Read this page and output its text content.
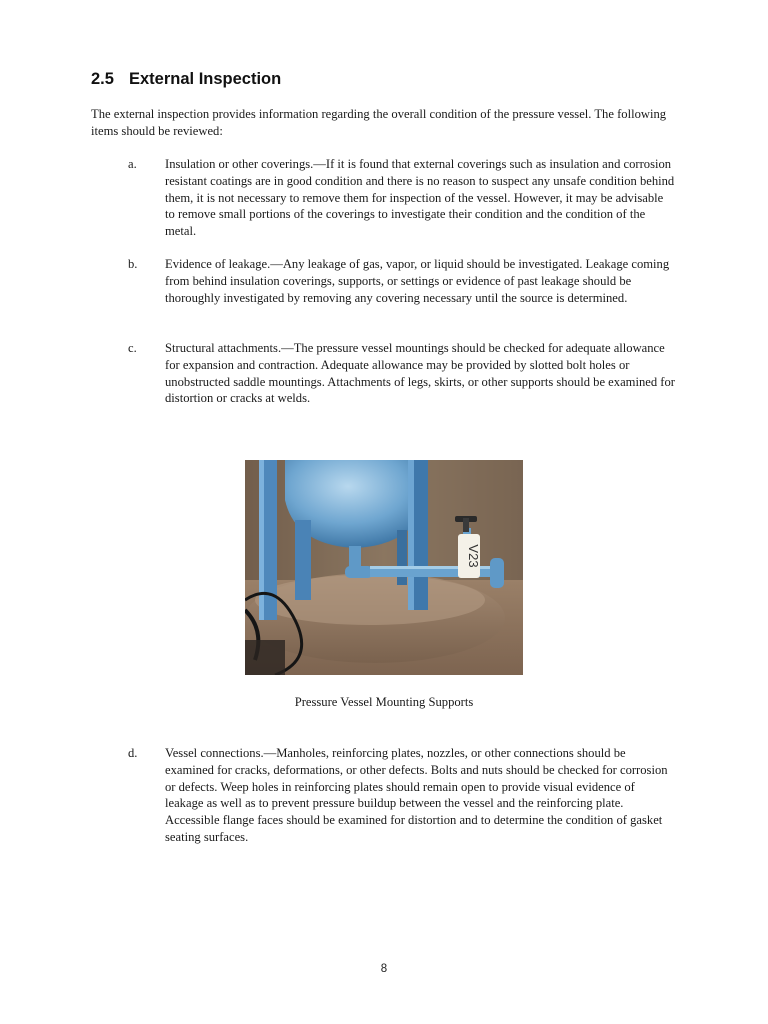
2.5 External Inspection

The external inspection provides information regarding the overall condition of the pressure vessel. The following items should be reviewed:

a. Insulation or other coverings.—If it is found that external coverings such as insulation and corrosion resistant coatings are in good condition and there is no reason to suspect any unsafe condition behind them, it is not necessary to remove them for inspection of the vessel. However, it may be advisable to remove small portions of the coverings to investigate their condition and the condition of the metal.

b. Evidence of leakage.—Any leakage of gas, vapor, or liquid should be investigated. Leakage coming from behind insulation coverings, supports, or settings or evidence of past leakage should be thoroughly investigated by removing any covering necessary until the source is determined.

c. Structural attachments.—The pressure vessel mountings should be checked for adequate allowance for expansion and contraction. Adequate allowance may be provided by slotted bolt holes or unobstructed saddle mountings. Attachments of legs, skirts, or other supports should be examined for distortion or cracks at welds.

V23

Pressure Vessel Mounting Supports

d. Vessel connections.—Manholes, reinforcing plates, nozzles, or other connections should be examined for cracks, deformations, or other defects. Bolts and nuts should be checked for corrosion or defects. Weep holes in reinforcing plates should remain open to provide visual evidence of leakage as well as to prevent pressure buildup between the vessel and the reinforcing plate. Accessible flange faces should be examined for distortion and to determine the condition of gasket seating surfaces.

8
